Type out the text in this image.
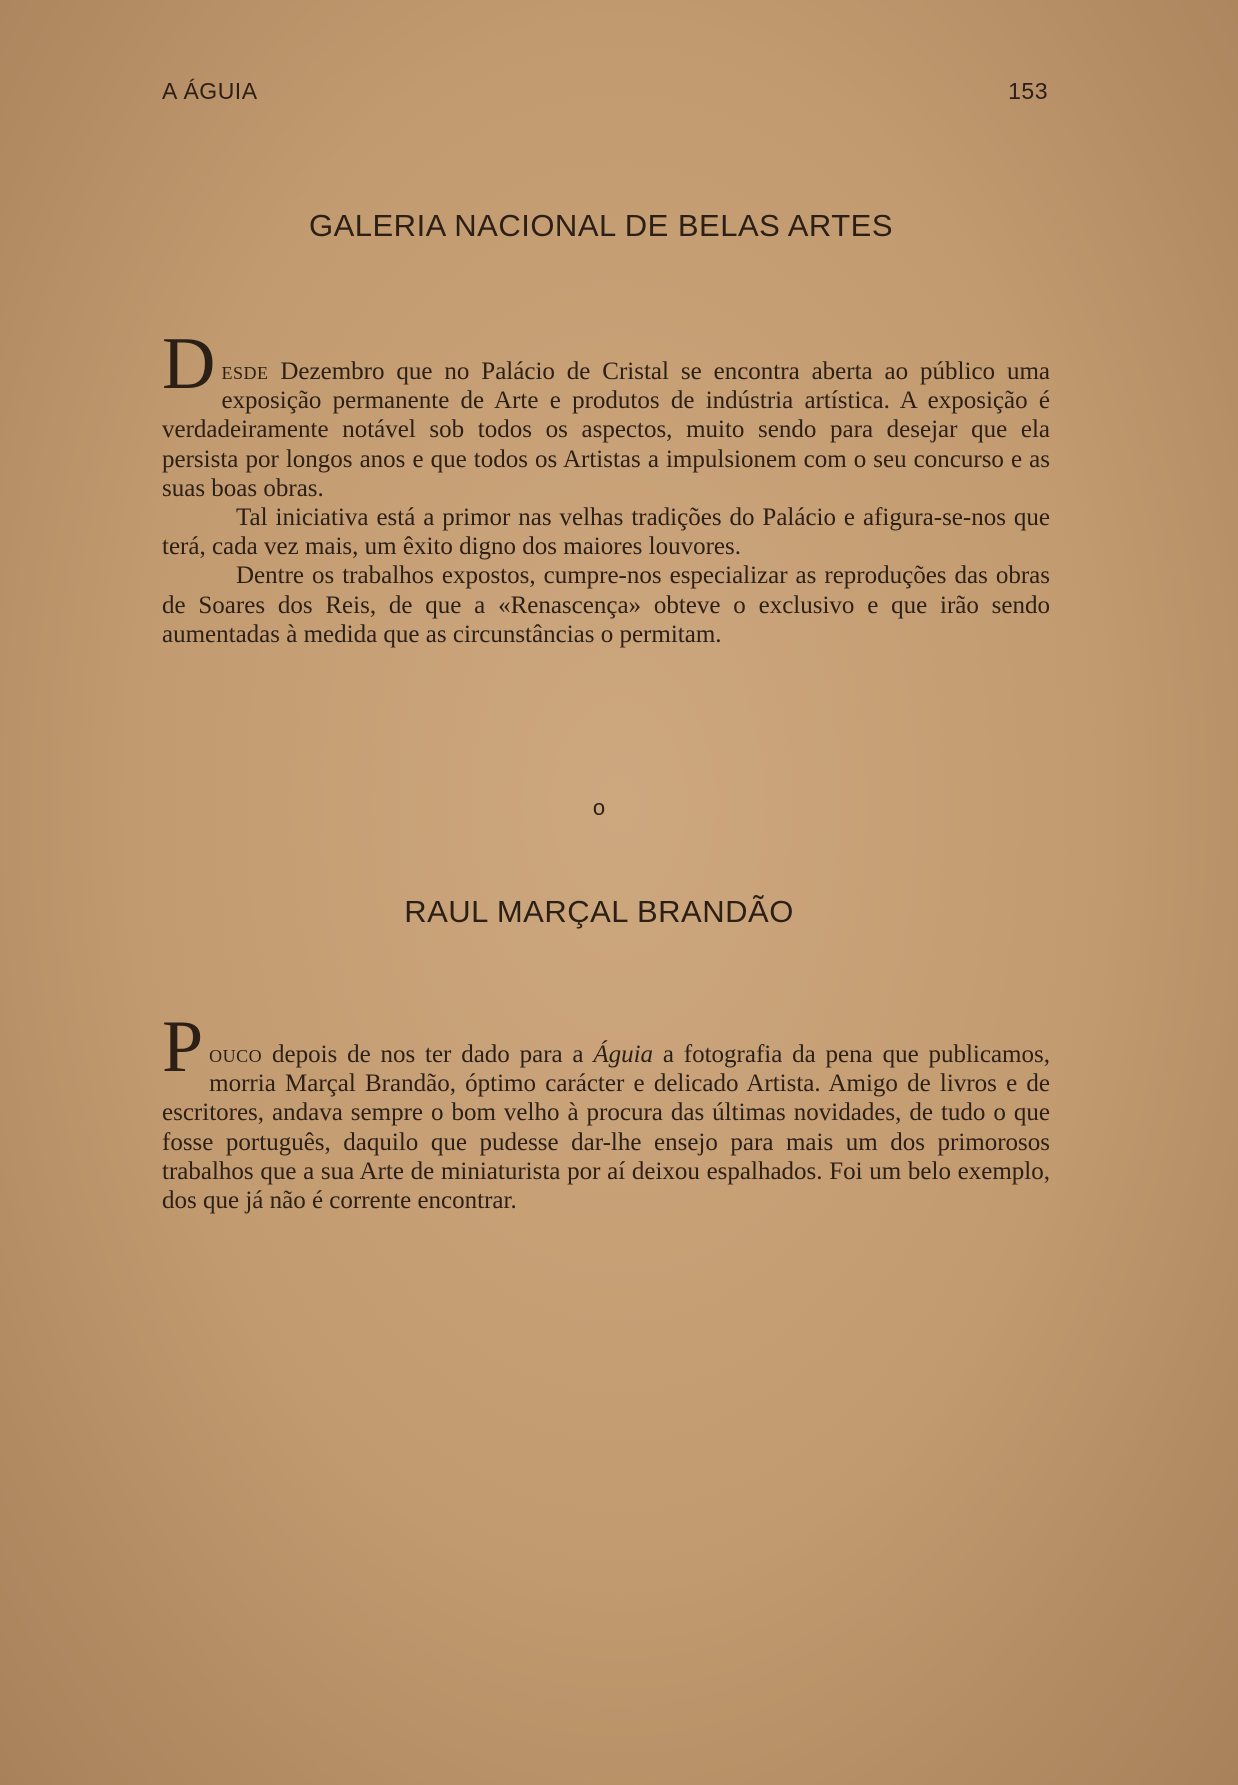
A ÁGUIA	153
GALERIA NACIONAL DE BELAS ARTES

Desde Dezembro que no Palácio de Cristal se encontra aberta ao público uma exposição permanente de Arte e produtos de indústria artística. A exposição é verdadeiramente notável sob todos os aspectos, muito sendo para desejar que ela persista por longos anos e que todos os Artistas a impulsionem com o seu concurso e as suas boas obras.

Tal iniciativa está a primor nas velhas tradições do Palácio e afigura-se-nos que terá, cada vez mais, um êxito digno dos maiores louvores.

Dentre os trabalhos expostos, cumpre-nos especializar as reproduções das obras de Soares dos Reis, de que a «Renascença» obteve o exclusivo e que irão sendo aumentadas à medida que as circunstâncias o permitam.

o
RAUL MARÇAL BRANDÃO

Pouco depois de nos ter dado para a Águia a fotografia da pena que publicamos, morria Marçal Brandão, óptimo carácter e delicado Artista. Amigo de livros e de escritores, andava sempre o bom velho à procura das últimas novidades, de tudo o que fosse português, daquilo que pudesse dar-lhe ensejo para mais um dos primorosos trabalhos que a sua Arte de miniaturista por aí deixou espalhados. Foi um belo exemplo, dos que já não é corrente encontrar.
